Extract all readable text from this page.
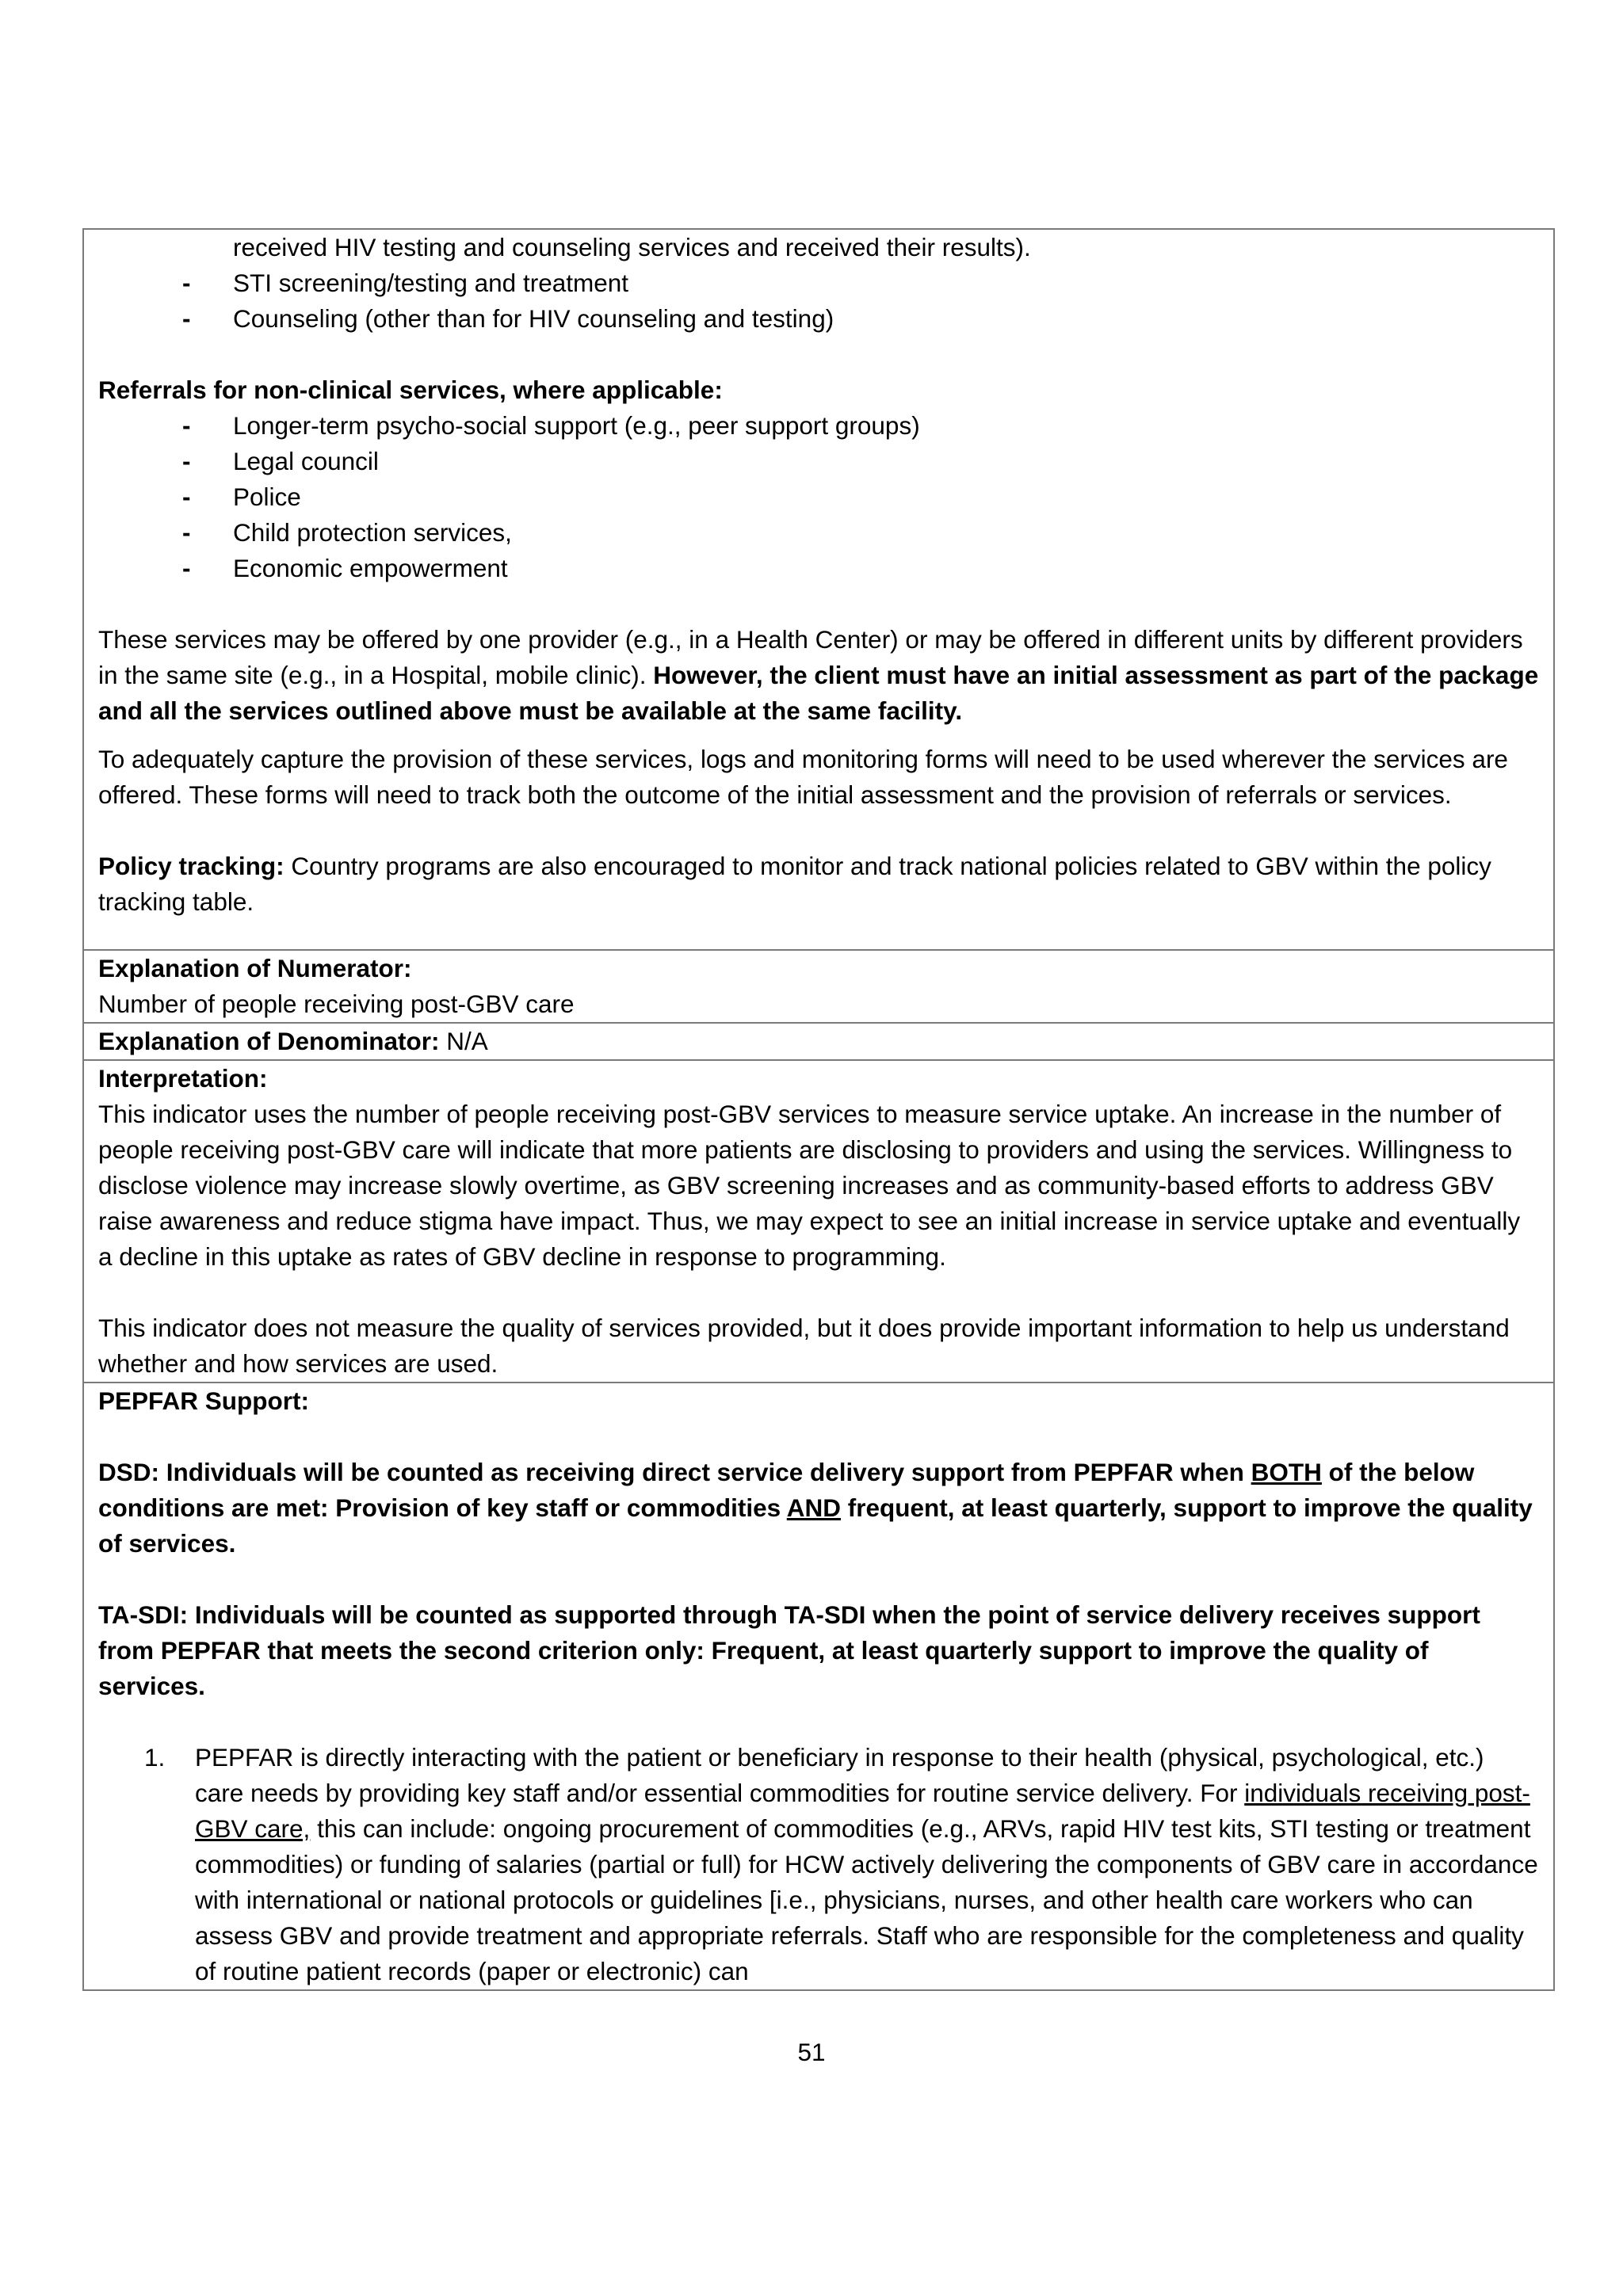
received HIV testing and counseling services and received their results).

- STI screening/testing and treatment
- Counseling (other than for HIV counseling and testing)

Referrals for non-clinical services, where applicable:

- Longer-term psycho-social support (e.g., peer support groups)
- Legal council
- Police
- Child protection services,
- Economic empowerment

These services may be offered by one provider (e.g., in a Health Center) or may be offered in different units by different providers in the same site (e.g., in a Hospital, mobile clinic). However, the client must have an initial assessment as part of the package and all the services outlined above must be available at the same facility.

To adequately capture the provision of these services, logs and monitoring forms will need to be used wherever the services are offered. These forms will need to track both the outcome of the initial assessment and the provision of referrals or services.

Policy tracking: Country programs are also encouraged to monitor and track national policies related to GBV within the policy tracking table.

Explanation of Numerator:

Number of people receiving post-GBV care

Explanation of Denominator: N/A

Interpretation:

This indicator uses the number of people receiving post-GBV services to measure service uptake. An increase in the number of people receiving post-GBV care will indicate that more patients are disclosing to providers and using the services. Willingness to disclose violence may increase slowly overtime, as GBV screening increases and as community-based efforts to address GBV raise awareness and reduce stigma have impact. Thus, we may expect to see an initial increase in service uptake and eventually a decline in this uptake as rates of GBV decline in response to programming.

This indicator does not measure the quality of services provided, but it does provide important information to help us understand whether and how services are used.

PEPFAR Support:

DSD: Individuals will be counted as receiving direct service delivery support from PEPFAR when BOTH of the below conditions are met: Provision of key staff or commodities AND frequent, at least quarterly, support to improve the quality of services.

TA-SDI: Individuals will be counted as supported through TA-SDI when the point of service delivery receives support from PEPFAR that meets the second criterion only: Frequent, at least quarterly support to improve the quality of services.

1. PEPFAR is directly interacting with the patient or beneficiary in response to their health (physical, psychological, etc.) care needs by providing key staff and/or essential commodities for routine service delivery. For individuals receiving post-GBV care, this can include: ongoing procurement of commodities (e.g., ARVs, rapid HIV test kits, STI testing or treatment commodities) or funding of salaries (partial or full) for HCW actively delivering the components of GBV care in accordance with international or national protocols or guidelines [i.e., physicians, nurses, and other health care workers who can assess GBV and provide treatment and appropriate referrals. Staff who are responsible for the completeness and quality of routine patient records (paper or electronic) can
51
